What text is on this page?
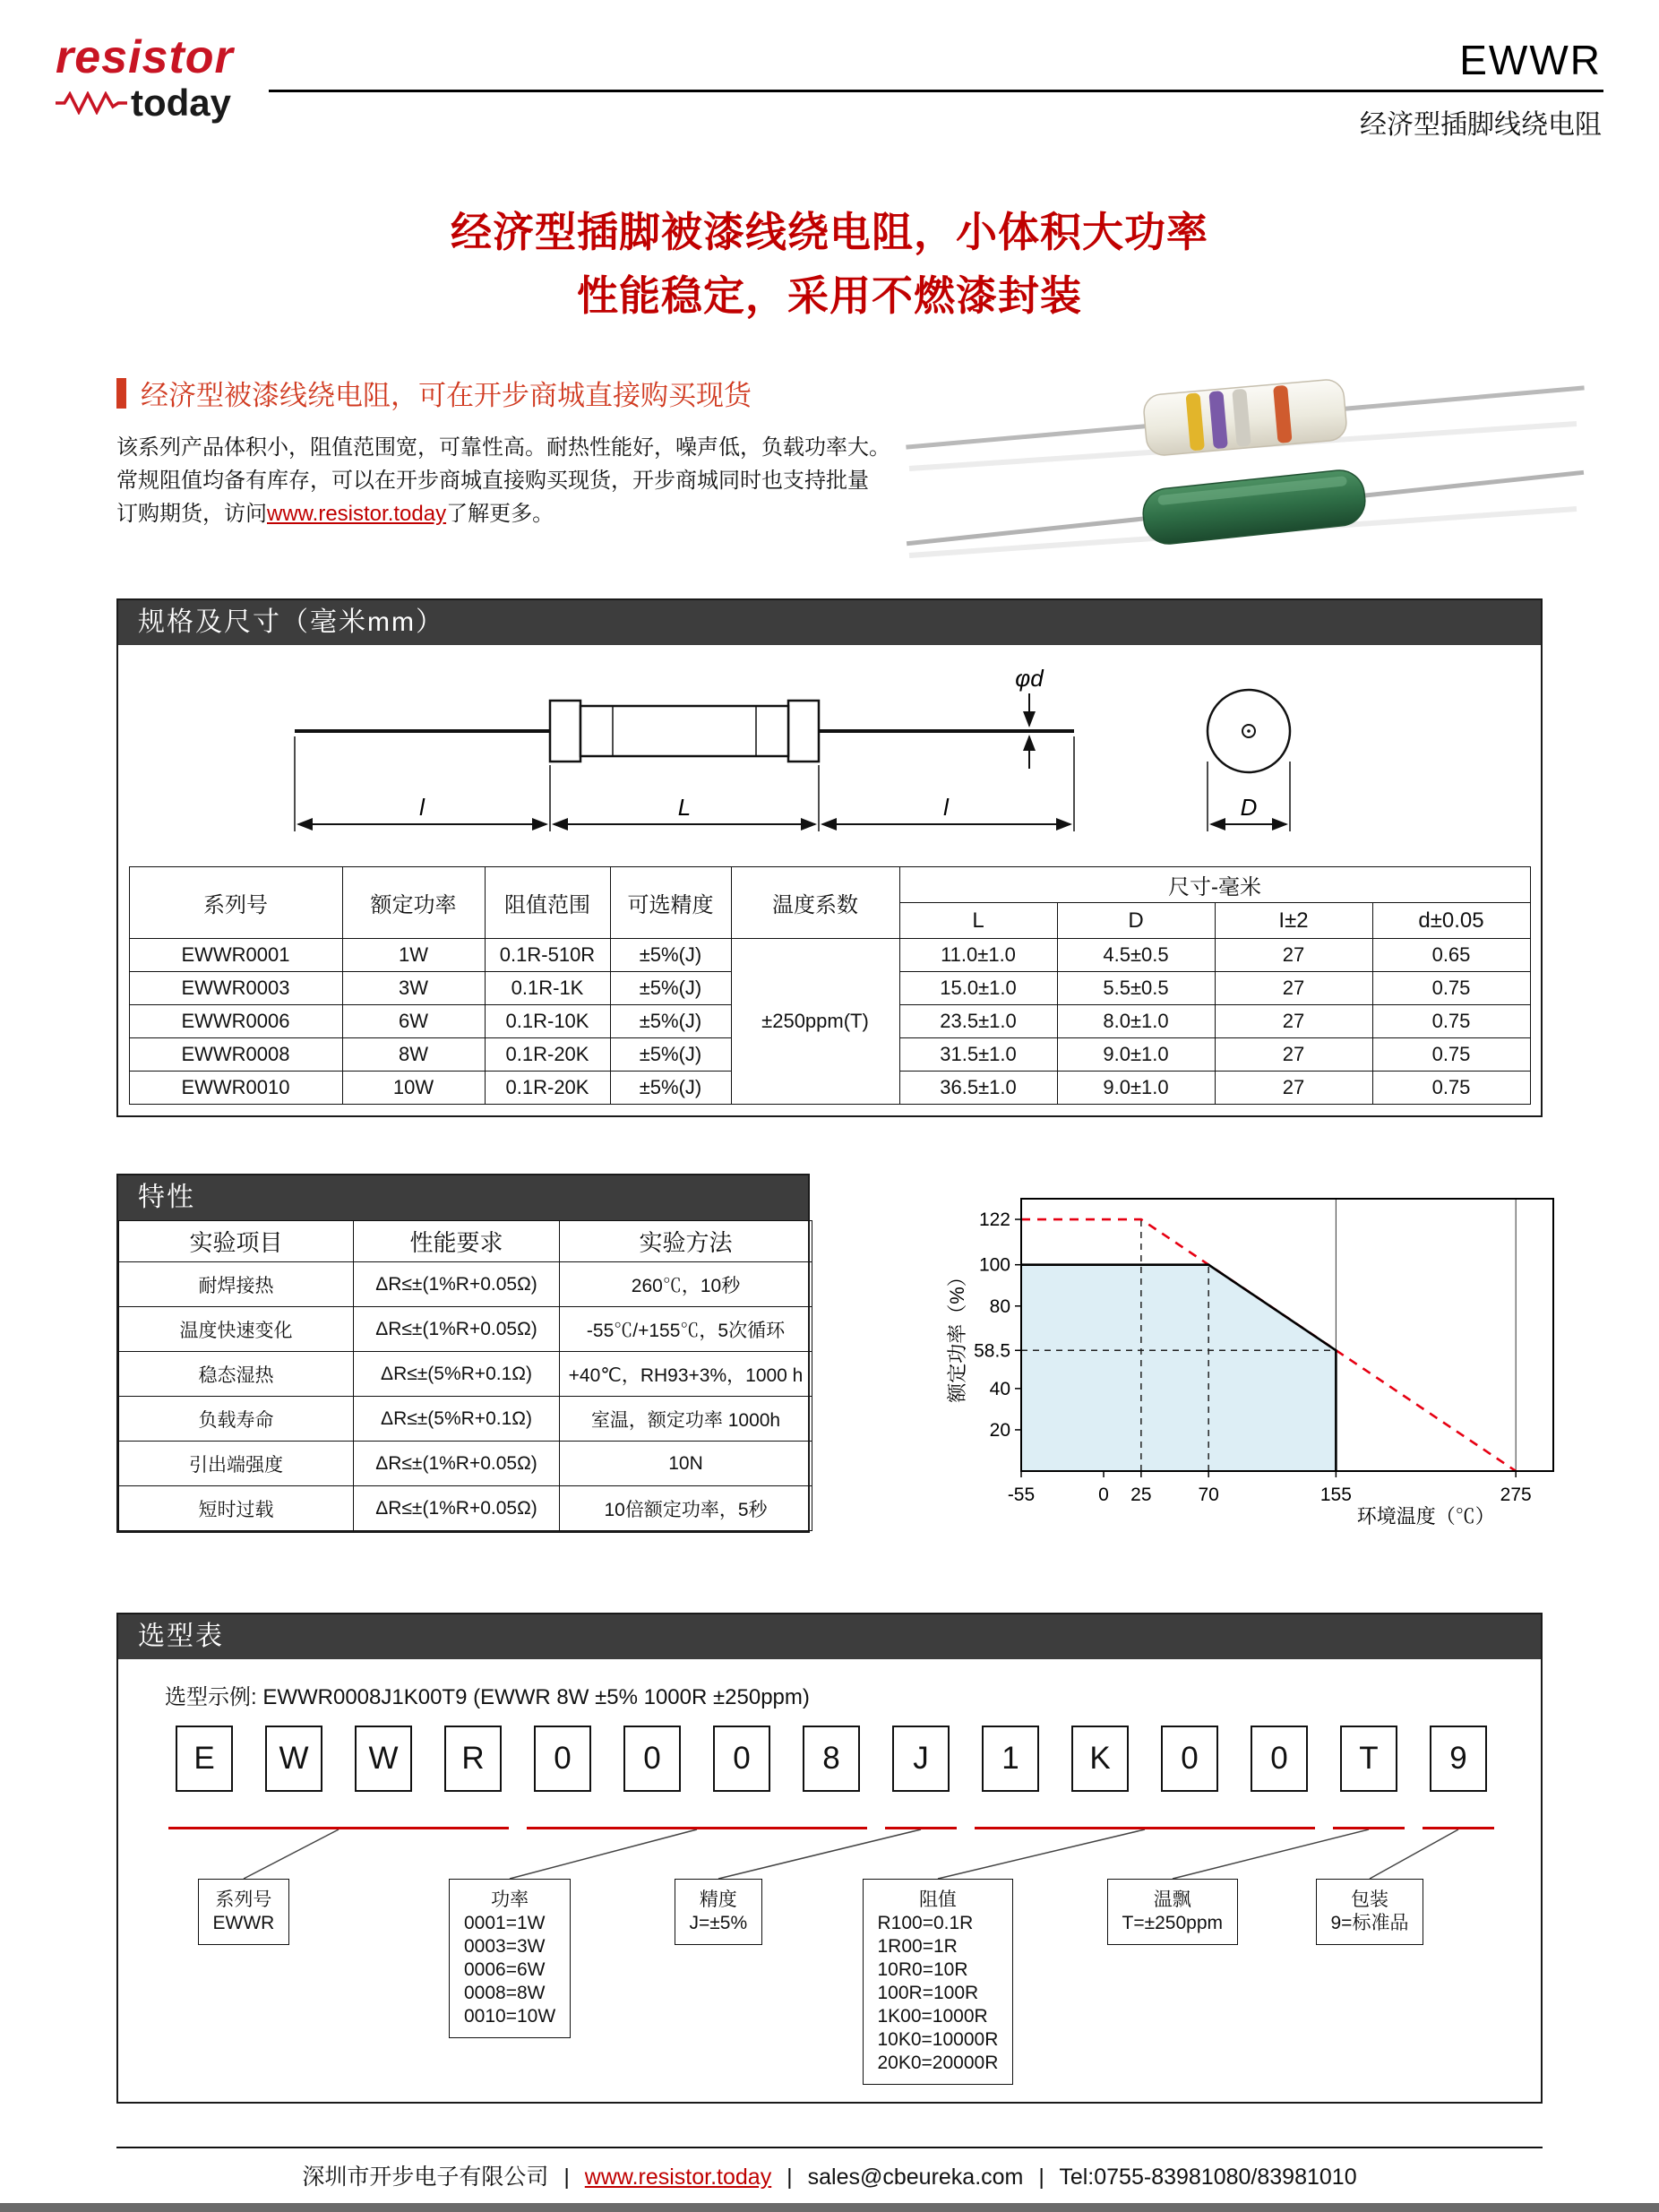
resistor
today
EWWR
经济型插脚线绕电阻
经济型插脚被漆线绕电阻，小体积大功率
性能稳定，采用不燃漆封装
经济型被漆线绕电阻，可在开步商城直接购买现货

该系列产品体积小，阻值范围宽，可靠性高。耐热性能好，噪声低，负载功率大。

常规阻值均备有库存，可以在开步商城直接购买现货，开步商城同时也支持批量

订购期货，访问www.resistor.today了解更多。

规格及尺寸（毫米mm）
φd
l	L	l	D
系列号	额定功率	阻值范围	可选精度	温度系数	尺寸-毫米			
					L	D	I±2	d±0.05
EWWR0001	1W	0.1R-510R	±5%(J)	±250ppm(T)	11.0±1.0	4.5±0.5	27	0.65
EWWR0003	3W	0.1R-1K	±5%(J)		15.0±1.0	5.5±0.5	27	0.75
EWWR0006	6W	0.1R-10K	±5%(J)		23.5±1.0	8.0±1.0	27	0.75
EWWR0008	8W	0.1R-20K	±5%(J)		31.5±1.0	9.0±1.0	27	0.75
EWWR0010	10W	0.1R-20K	±5%(J)		36.5±1.0	9.0±1.0	27	0.75
特性
实验项目	性能要求	实验方法
耐焊接热	ΔR≤±(1%R+0.05Ω)	260℃，10秒
温度快速变化	ΔR≤±(1%R+0.05Ω)	-55℃/+155℃，5次循环
稳态湿热	ΔR≤±(5%R+0.1Ω)	+40℃，RH93+3%，1000 h
负载寿命	ΔR≤±(5%R+0.1Ω)	室温，额定功率 1000h
引出端强度	ΔR≤±(1%R+0.05Ω)	10N
短时过载	ΔR≤±(1%R+0.05Ω)	10倍额定功率，5秒
-55	0 25 70	155	275
20
40
58.5
80
100
122
额定功率（%）
环境温度（℃）
选型表
选型示例: EWWR0008J1K00T9 (EWWR 8W ±5% 1000R ±250ppm)
E	W	W	R	0	0	0	8	J	1	K	0	0	T	9
系列号
EWWR
功率
0001=1W
0003=3W
0006=6W
0008=8W
0010=10W
精度
J=±5%
阻值
R100=0.1R
1R00=1R
10R0=10R
100R=100R
1K00=1000R
10K0=10000R
20K0=20000R
温飘
T=±250ppm
包装
9=标准品
深圳市开步电子有限公司 | www.resistor.today | sales@cbeureka.com | Tel:0755-83981080/83981010
